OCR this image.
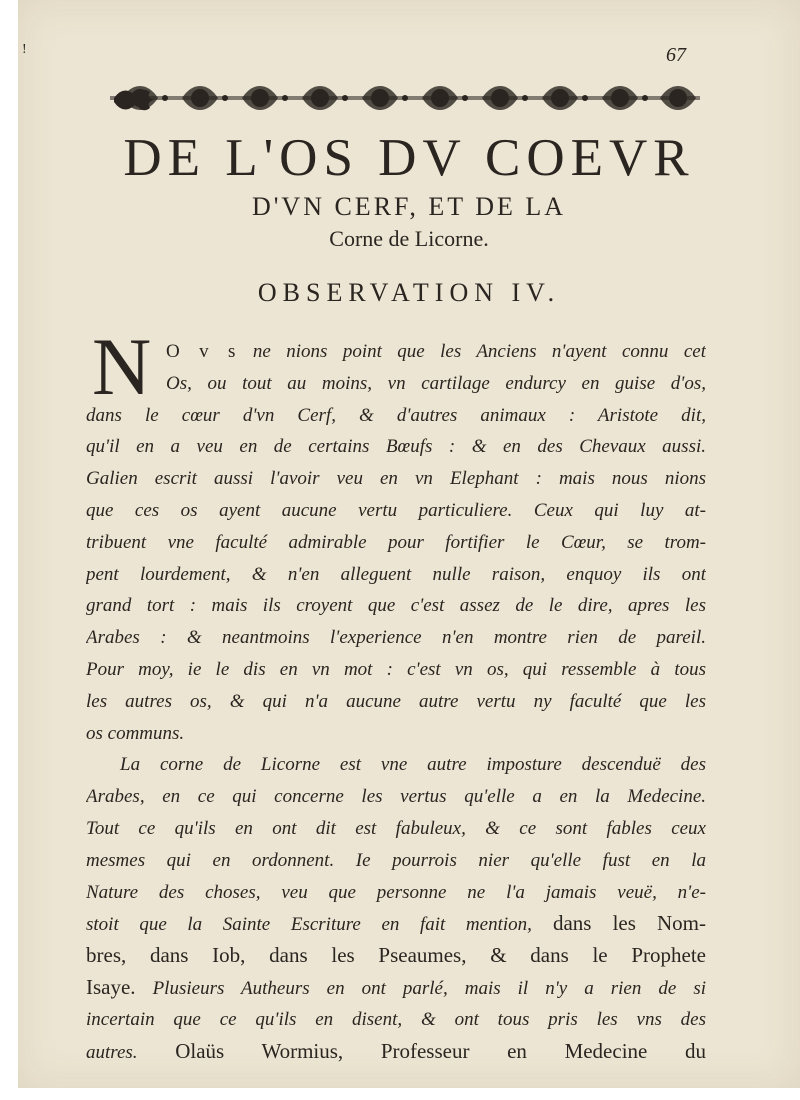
!	67
DE L'OS DV COEVR
D'VN CERF, ET DE LA
Corne de Licorne.
OBSERVATION IV.
N O v s ne nions point que les Anciens n'ayent connu cet
Os, ou tout au moins, vn cartilage endurcy en guise d'os,
dans le cœur d'vn Cerf, & d'autres animaux : Aristote dit,
qu'il en a veu en de certains Bœufs : & en des Chevaux aussi.
Galien escrit aussi l'avoir veu en vn Elephant : mais nous nions
que ces os ayent aucune vertu particuliere. Ceux qui luy at-
tribuent vne faculté admirable pour fortifier le Cœur, se trom-
pent lourdement, & n'en alleguent nulle raison, enquoy ils ont
grand tort : mais ils croyent que c'est assez de le dire, apres les
Arabes : & neantmoins l'experience n'en montre rien de pareil.
Pour moy, ie le dis en vn mot : c'est vn os, qui ressemble à tous
les autres os, & qui n'a aucune autre vertu ny faculté que les
os communs.
La corne de Licorne est vne autre imposture descenduë des
Arabes, en ce qui concerne les vertus qu'elle a en la Medecine.
Tout ce qu'ils en ont dit est fabuleux, & ce sont fables ceux
mesmes qui en ordonnent. Ie pourrois nier qu'elle fust en la
Nature des choses, veu que personne ne l'a jamais veuë, n'e-
stoit que la Sainte Escriture en fait mention, dans les Nom-
bres, dans Iob, dans les Pseaumes, & dans le Prophete
Isaye. Plusieurs Autheurs en ont parlé, mais il n'y a rien de si
incertain que ce qu'ils en disent, & ont tous pris les vns des
autres. Olaüs Wormius, Professeur en Medecine du
